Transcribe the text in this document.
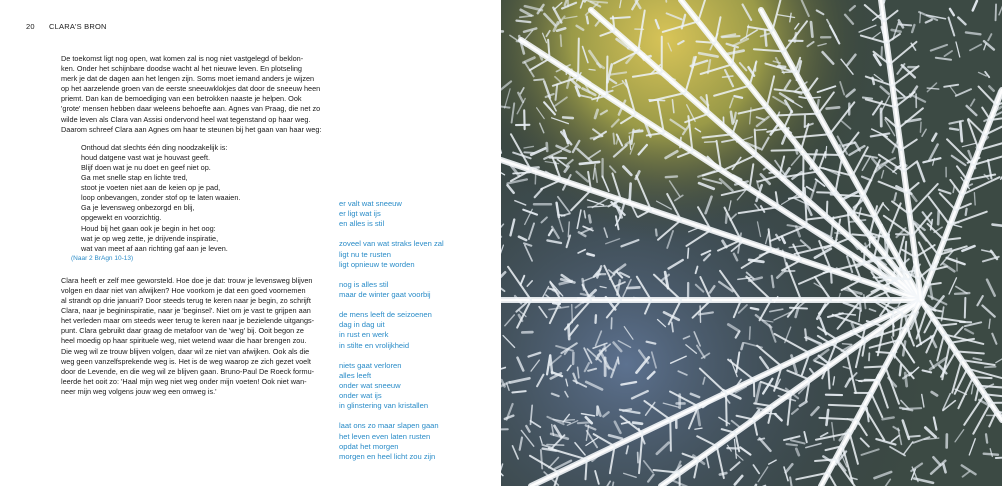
20 CLARA'S BRON

De toekomst ligt nog open, wat komen zal is nog niet vastgelegd of beklon-
ken. Onder het schijnbare doodse wacht al het nieuwe leven. En plotseling
merk je dat de dagen aan het lengen zijn. Soms moet iemand anders je wijzen
op het aarzelende groen van de eerste sneeuwklokjes dat door de sneeuw heen
priemt. Dan kan de bemoediging van een betrokken naaste je helpen. Ook
'grote' mensen hebben daar weleens behoefte aan. Agnes van Praag, die net zo
wilde leven als Clara van Assisi ondervond heel wat tegenstand op haar weg.
Daarom schreef Clara aan Agnes om haar te steunen bij het gaan van haar weg:

Onthoud dat slechts één ding noodzakelijk is:
houd datgene vast wat je houvast geeft.
Blijf doen wat je nu doet en geef niet op.
Ga met snelle stap en lichte tred,
stoot je voeten niet aan de keien op je pad,
loop onbevangen, zonder stof op te laten waaien.
Ga je levensweg onbezorgd en blij,
opgewekt en voorzichtig.
Houd bij het gaan ook je begin in het oog:
wat je op weg zette, je drijvende inspiratie,
wat van meet af aan richting gaf aan je leven.
(Naar 2 BrAgn 10-13)

Clara heeft er zelf mee geworsteld. Hoe doe je dat: trouw je levensweg blijven
volgen en daar niet van afwijken? Hoe voorkom je dat een goed voornemen
al strandt op drie januari? Door steeds terug te keren naar je begin, zo schrijft
Clara, naar je begininspiratie, naar je 'beginsel'. Niet om je vast te grijpen aan
het verleden maar om steeds weer terug te keren naar je bezielende uitgangs-
punt. Clara gebruikt daar graag de metafoor van de 'weg' bij. Ooit begon ze
heel moedig op haar spirituele weg, niet wetend waar die haar brengen zou.
Die weg wil ze trouw blijven volgen, daar wil ze niet van afwijken. Ook als die
weg geen vanzelfsprekende weg is. Het is de weg waarop ze zich gezet voelt
door de Levende, en die weg wil ze blijven gaan. Bruno-Paul De Roeck formu-
leerde het ooit zo: 'Haal mijn weg niet weg onder mijn voeten! Ook niet wan-
neer mijn weg volgens jouw weg een omweg is.'

er valt wat sneeuw
er ligt wat ijs
en alles is stil
zoveel van wat straks leven zal
ligt nu te rusten
ligt opnieuw te worden
nog is alles stil
maar de winter gaat voorbij
de mens leeft de seizoenen
dag in dag uit
in rust en werk
in stilte en vrolijkheid
niets gaat verloren
alles leeft
onder wat sneeuw
onder wat ijs
in glinstering van kristallen
laat ons zo maar slapen gaan
het leven even laten rusten
opdat het morgen
morgen en heel licht zou zijn
